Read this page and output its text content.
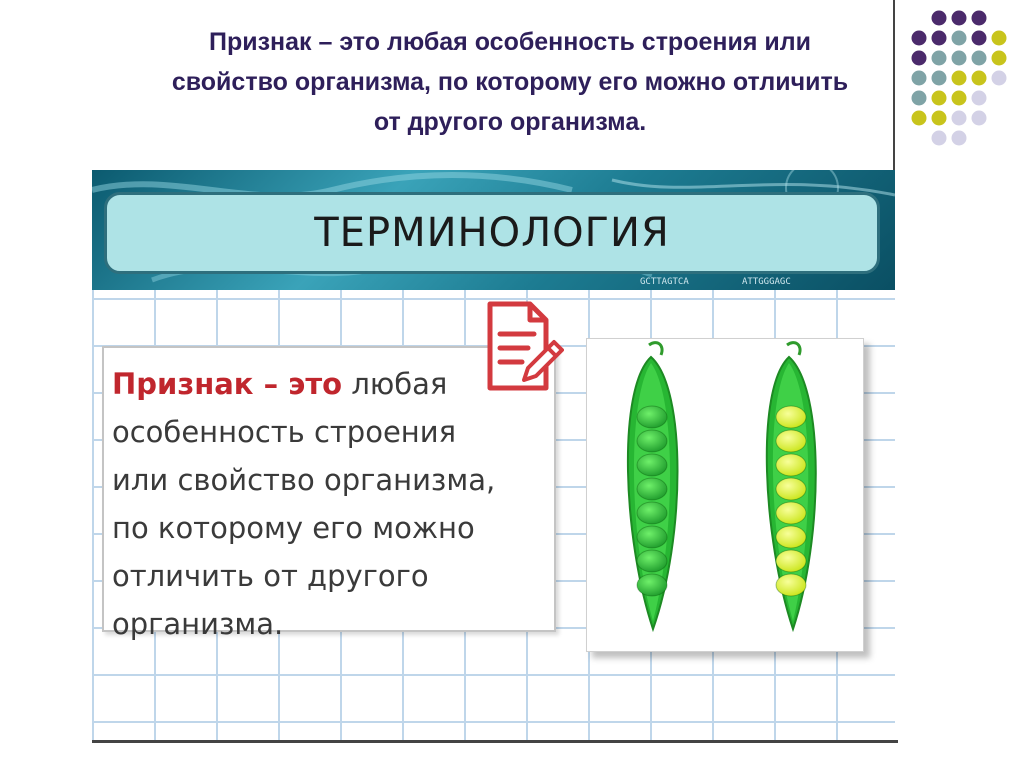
Признак – это любая особенность строения или
свойство организма, по которому его можно отличить
от другого организма.
ТЕРМИНОЛОГИЯ
GCTTAGTCA	ATTGGGAGC

Признак – это любая
особенность строения
или свойство организма,
по которому его можно
отличить от другого
организма.
